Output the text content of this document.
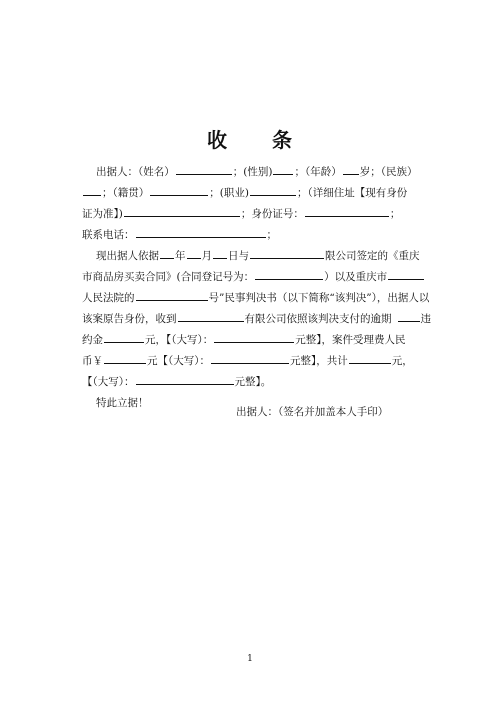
收 条
出据人：（姓名）	；(性别) ；（年龄） 岁；（民族）
；（籍贯）	；(职业)	；（详细住址【现有身份
证为准】)	；身份证号：	；
联系电话：	；
现出据人依据 年 月 日与	限公司签定的《重庆
市商品房买卖合同》(合同登记号为：	）以及重庆市
人民法院的	号”民事判决书（以下简称“该判决”），出据人以
该案原告身份，收到	有限公司依照该判决支付的逾期	违
约金	元，【（大写）：	元整】，案件受理费人民
币￥	元【（大写）：	元整】，共计	元，
【（大写）：	元整】。
特此立据！
出据人：（签名并加盖本人手印）
1
